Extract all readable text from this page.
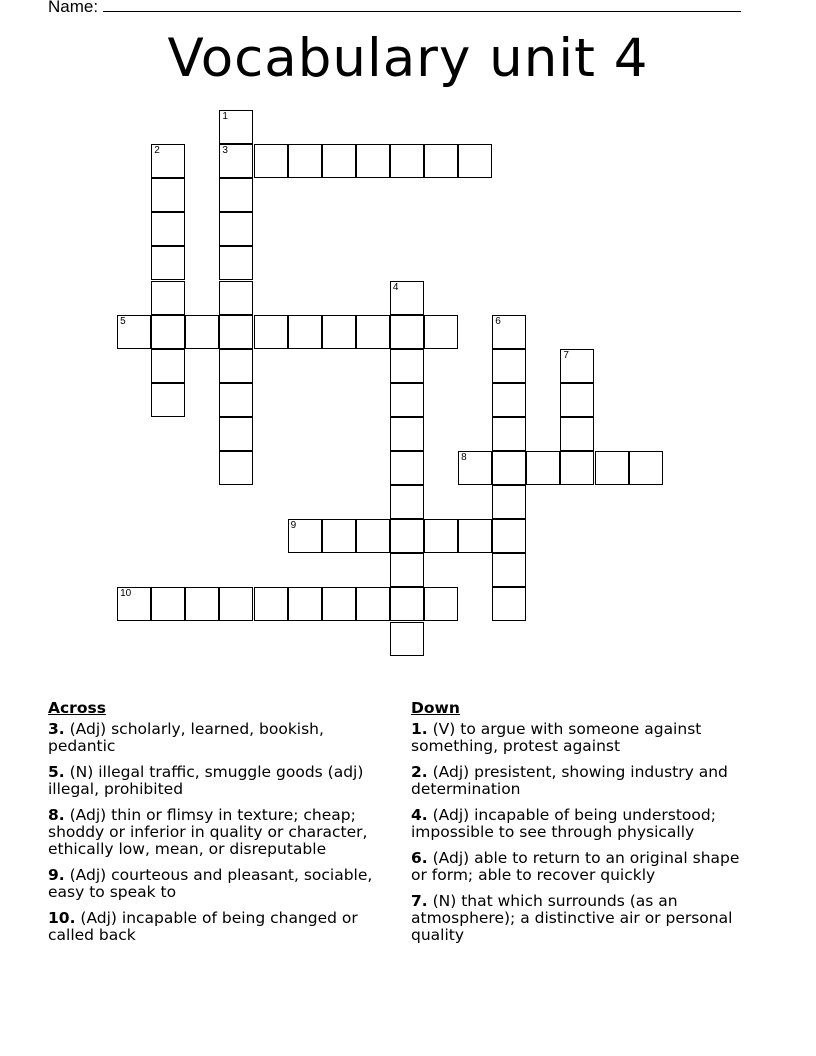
Name:
Vocabulary unit 4
1
2	3
4
5	6
7
8
9
10
Across
3. (Adj) scholarly, learned, bookish, pedantic
5. (N) illegal traffic, smuggle goods (adj) illegal, prohibited
8. (Adj) thin or flimsy in texture; cheap; shoddy or inferior in quality or character, ethically low, mean, or disreputable
9. (Adj) courteous and pleasant, sociable, easy to speak to
10. (Adj) incapable of being changed or called back
Down
1. (V) to argue with someone against something, protest against
2. (Adj) presistent, showing industry and determination
4. (Adj) incapable of being understood; impossible to see through physically
6. (Adj) able to return to an original shape or form; able to recover quickly
7. (N) that which surrounds (as an atmosphere); a distinctive air or personal quality
